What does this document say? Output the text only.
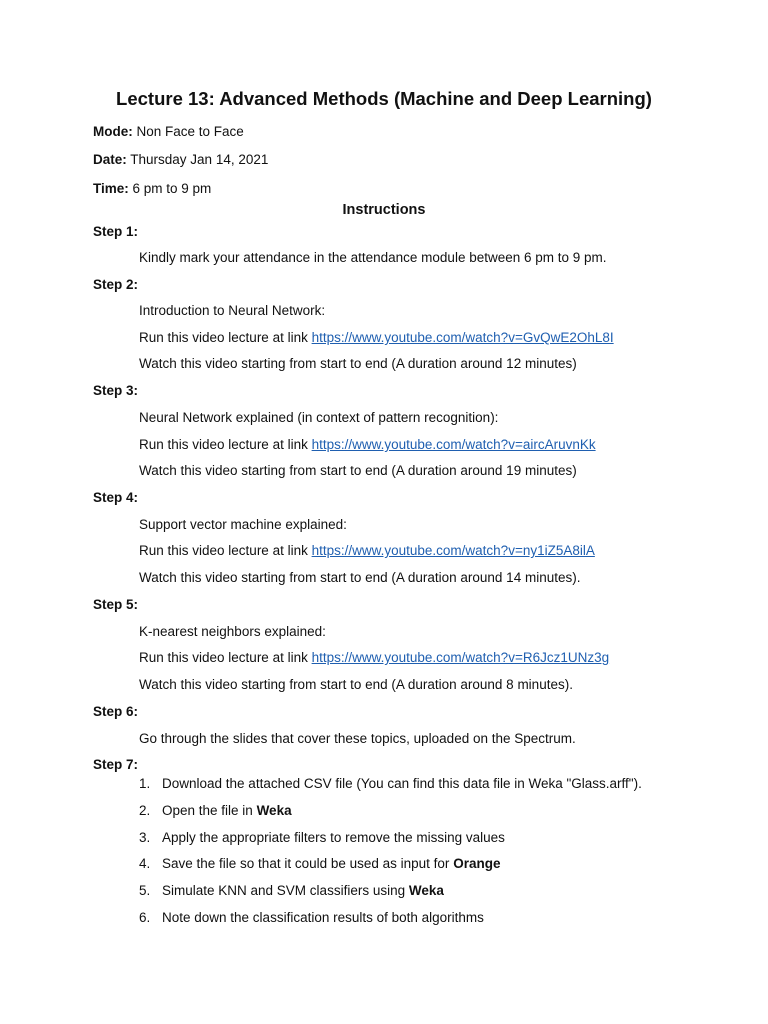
Lecture 13: Advanced Methods (Machine and Deep Learning)
Mode: Non Face to Face
Date: Thursday Jan 14, 2021
Time: 6 pm to 9 pm
Instructions
Step 1:
Kindly mark your attendance in the attendance module between 6 pm to 9 pm.
Step 2:
Introduction to Neural Network:
Run this video lecture at link https://www.youtube.com/watch?v=GvQwE2OhL8I
Watch this video starting from start to end (A duration around 12 minutes)
Step 3:
Neural Network explained (in context of pattern recognition):
Run this video lecture at link https://www.youtube.com/watch?v=aircAruvnKk
Watch this video starting from start to end (A duration around 19 minutes)
Step 4:
Support vector machine explained:
Run this video lecture at link https://www.youtube.com/watch?v=ny1iZ5A8ilA
Watch this video starting from start to end (A duration around 14 minutes).
Step 5:
K-nearest neighbors explained:
Run this video lecture at link https://www.youtube.com/watch?v=R6Jcz1UNz3g
Watch this video starting from start to end (A duration around 8 minutes).
Step 6:
Go through the slides that cover these topics, uploaded on the Spectrum.
Step 7:
1. Download the attached CSV file (You can find this data file in Weka "Glass.arff").
2. Open the file in Weka
3. Apply the appropriate filters to remove the missing values
4. Save the file so that it could be used as input for Orange
5. Simulate KNN and SVM classifiers using Weka
6. Note down the classification results of both algorithms
